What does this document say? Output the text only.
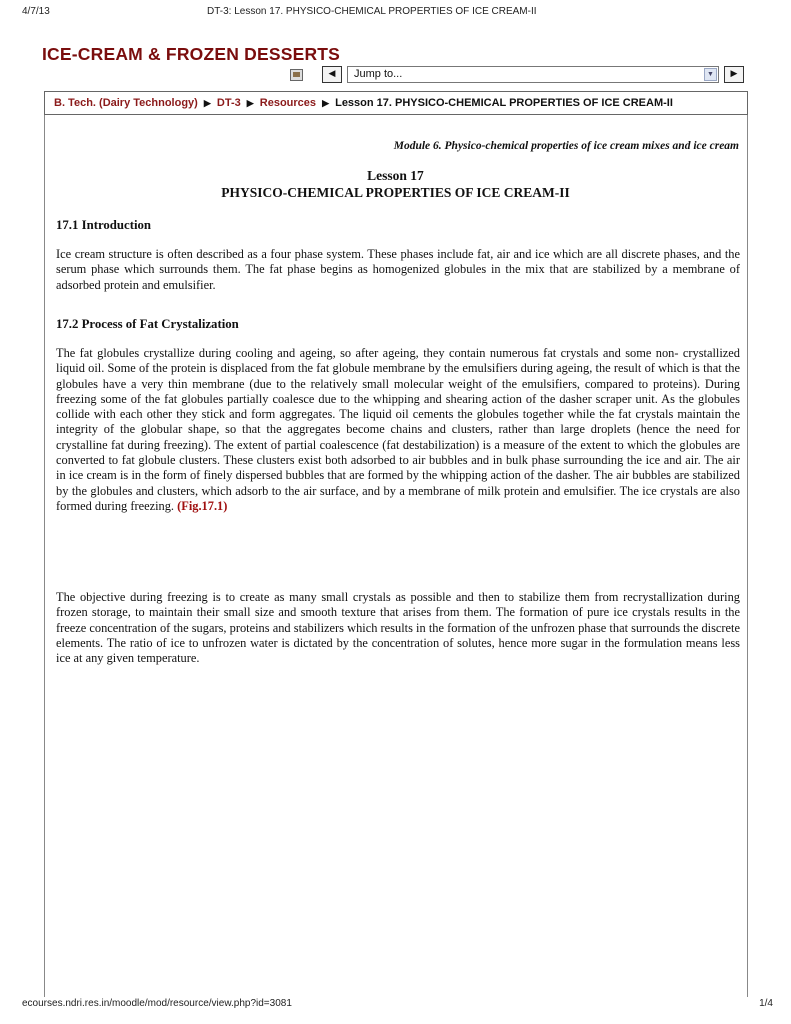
4/7/13	DT-3: Lesson 17. PHYSICO-CHEMICAL PROPERTIES OF ICE CREAM-II
ICE-CREAM & FROZEN DESSERTS
◀	Jump to...	▼	▶
B. Tech. (Dairy Technology) ▶ DT-3 ▶ Resources ▶ Lesson 17. PHYSICO-CHEMICAL PROPERTIES OF ICE CREAM-II
Module 6. Physico-chemical properties of ice cream mixes and ice cream
Lesson 17
PHYSICO-CHEMICAL PROPERTIES OF ICE CREAM-II
17.1 Introduction
Ice cream structure is often described as a four phase system. These phases include fat, air and ice which are all discrete phases, and the serum phase which surrounds them. The fat phase begins as homogenized globules in the mix that are stabilized by a membrane of adsorbed protein and emulsifier.
17.2 Process of Fat Crystalization
The fat globules crystallize during cooling and ageing, so after ageing, they contain numerous fat crystals and some non- crystallized liquid oil. Some of the protein is displaced from the fat globule membrane by the emulsifiers during ageing, the result of which is that the globules have a very thin membrane (due to the relatively small molecular weight of the emulsifiers, compared to proteins). During freezing some of the fat globules partially coalesce due to the whipping and shearing action of the dasher scraper unit. As the globules collide with each other they stick and form aggregates. The liquid oil cements the globules together while the fat crystals maintain the integrity of the globular shape, so that the aggregates become chains and clusters, rather than large droplets (hence the need for crystalline fat during freezing). The extent of partial coalescence (fat destabilization) is a measure of the extent to which the globules are converted to fat globule clusters. These clusters exist both adsorbed to air bubbles and in bulk phase surrounding the ice and air. The air in ice cream is in the form of finely dispersed bubbles that are formed by the whipping action of the dasher. The air bubbles are stabilized by the globules and clusters, which adsorb to the air surface, and by a membrane of milk protein and emulsifier. The ice crystals are also formed during freezing. (Fig.17.1)
The objective during freezing is to create as many small crystals as possible and then to stabilize them from recrystallization during frozen storage, to maintain their small size and smooth texture that arises from them. The formation of pure ice crystals results in the freeze concentration of the sugars, proteins and stabilizers which results in the formation of the unfrozen phase that surrounds the discrete elements. The ratio of ice to unfrozen water is dictated by the concentration of solutes, hence more sugar in the formulation means less ice at any given temperature.
ecourses.ndri.res.in/moodle/mod/resource/view.php?id=3081	1/4
